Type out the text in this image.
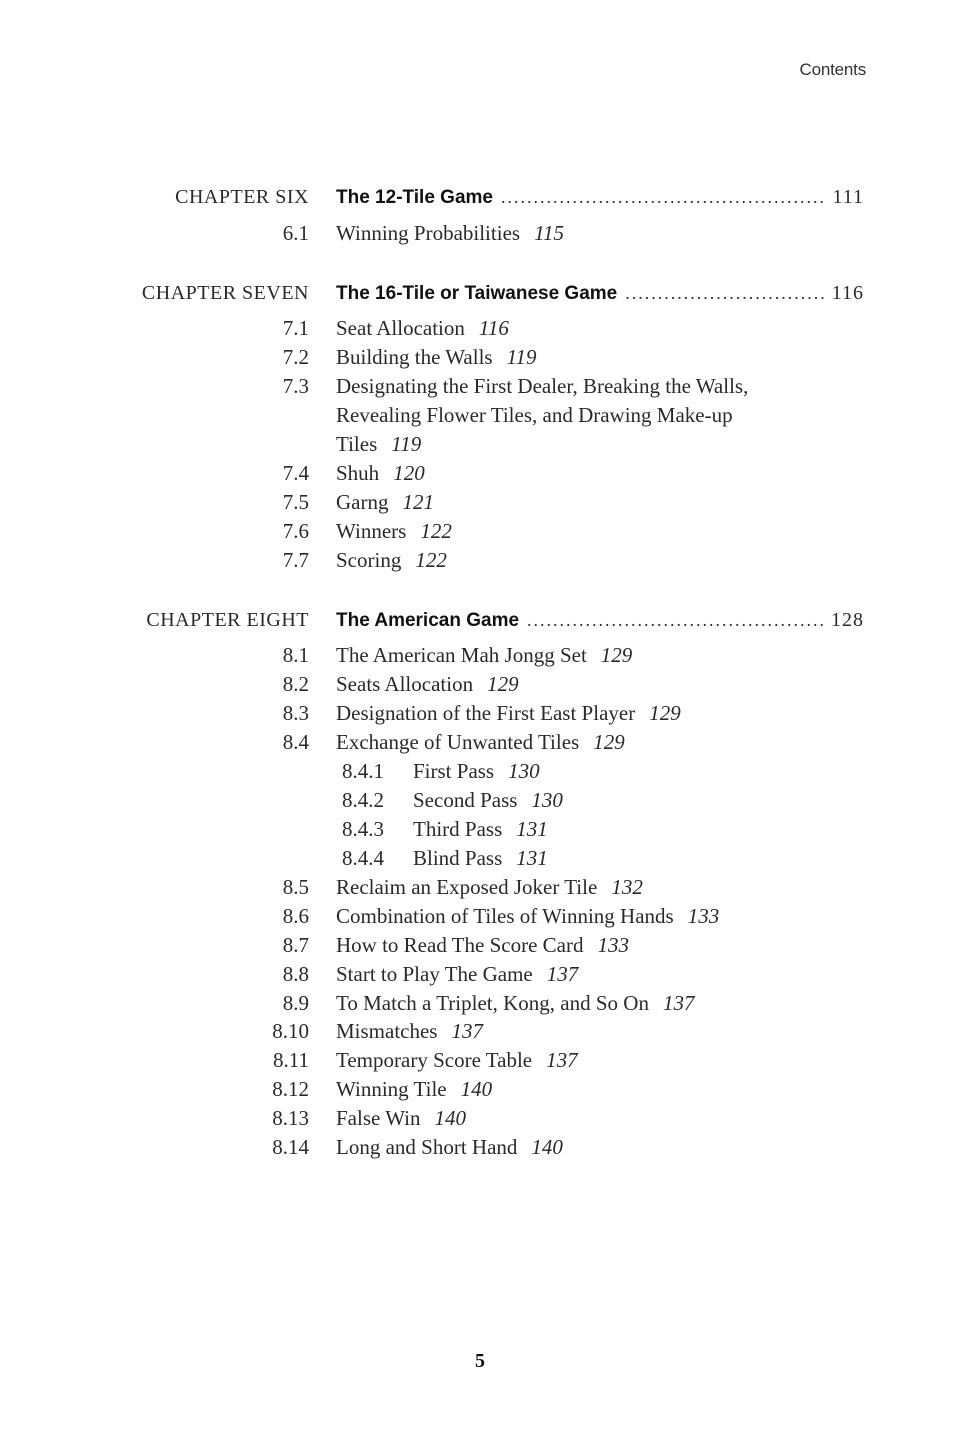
Contents
CHAPTER SIX The 12-Tile Game .....	111
6.1 Winning Probabilities 115
CHAPTER SEVEN The 16-Tile or Taiwanese Game .....	116
7.1 Seat Allocation 116
7.2 Building the Walls 119
7.3 Designating the First Dealer, Breaking the Walls, Revealing Flower Tiles, and Drawing Make-up Tiles 119
7.4 Shuh 120
7.5 Garng 121
7.6 Winners 122
7.7 Scoring 122
CHAPTER EIGHT The American Game .....	128
8.1 The American Mah Jongg Set 129
8.2 Seats Allocation 129
8.3 Designation of the First East Player 129
8.4 Exchange of Unwanted Tiles 129
8.4.1 First Pass 130
8.4.2 Second Pass 130
8.4.3 Third Pass 131
8.4.4 Blind Pass 131
8.5 Reclaim an Exposed Joker Tile 132
8.6 Combination of Tiles of Winning Hands 133
8.7 How to Read The Score Card 133
8.8 Start to Play The Game 137
8.9 To Match a Triplet, Kong, and So On 137
8.10 Mismatches 137
8.11 Temporary Score Table 137
8.12 Winning Tile 140
8.13 False Win 140
8.14 Long and Short Hand 140
5
